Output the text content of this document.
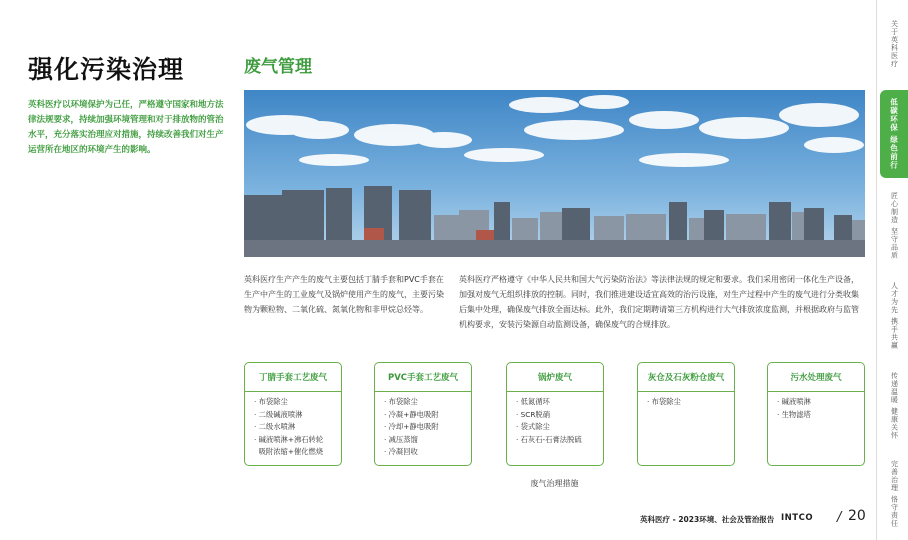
强化污染治理
英科医疗以环境保护为己任，严格遵守国家和地方法律法规要求，持续加强环境管理和对于排放物的管治水平，充分落实治理应对措施，持续改善我们对生产运营所在地区的环境产生的影响。
废气管理
英科医疗生产产生的废气主要包括丁腈手套和PVC手套在生产中产生的工业废气及锅炉使用产生的废气，主要污染物为颗粒物、二氧化硫、氮氧化物和非甲烷总烃等。
英科医疗严格遵守《中华人民共和国大气污染防治法》等法律法规的规定和要求。我们采用密闭一体化生产设备，加强对废气无组织排放的控制。同时，我们推进建设适宜高效的治污设施，对生产过程中产生的废气进行分类收集后集中处理，确保废气排放全面达标。此外，我们定期聘请第三方机构进行大气排放浓度监测，并根据政府与监管机构要求，安装污染源自动监测设备，确保废气的合规排放。
丁腈手套工艺废气
· 布袋除尘
· 二级碱液喷淋
· 二级水喷淋
· 碱液喷淋+沸石转轮
吸附浓缩+催化燃烧
PVC手套工艺废气
· 布袋除尘
· 冷凝+静电吸附
· 冷却+静电吸附
· 减压蒸馏
· 冷凝回收
锅炉废气
· 低氮循环
· SCR脱硝
· 袋式除尘
· 石灰石-石膏法脱硫
灰仓及石灰粉仓废气
· 布袋除尘
污水处理废气
· 碱液喷淋
· 生物滤塔
废气治理措施
英科医疗 - 2023环境、社会及管治报告 INTCO / 20
关于英科医疗
低碳环保 绿色前行
匠心制造 坚守品质
人才为先 携手共赢
传递温暖 健康关怀
完善治理 恪守责任
